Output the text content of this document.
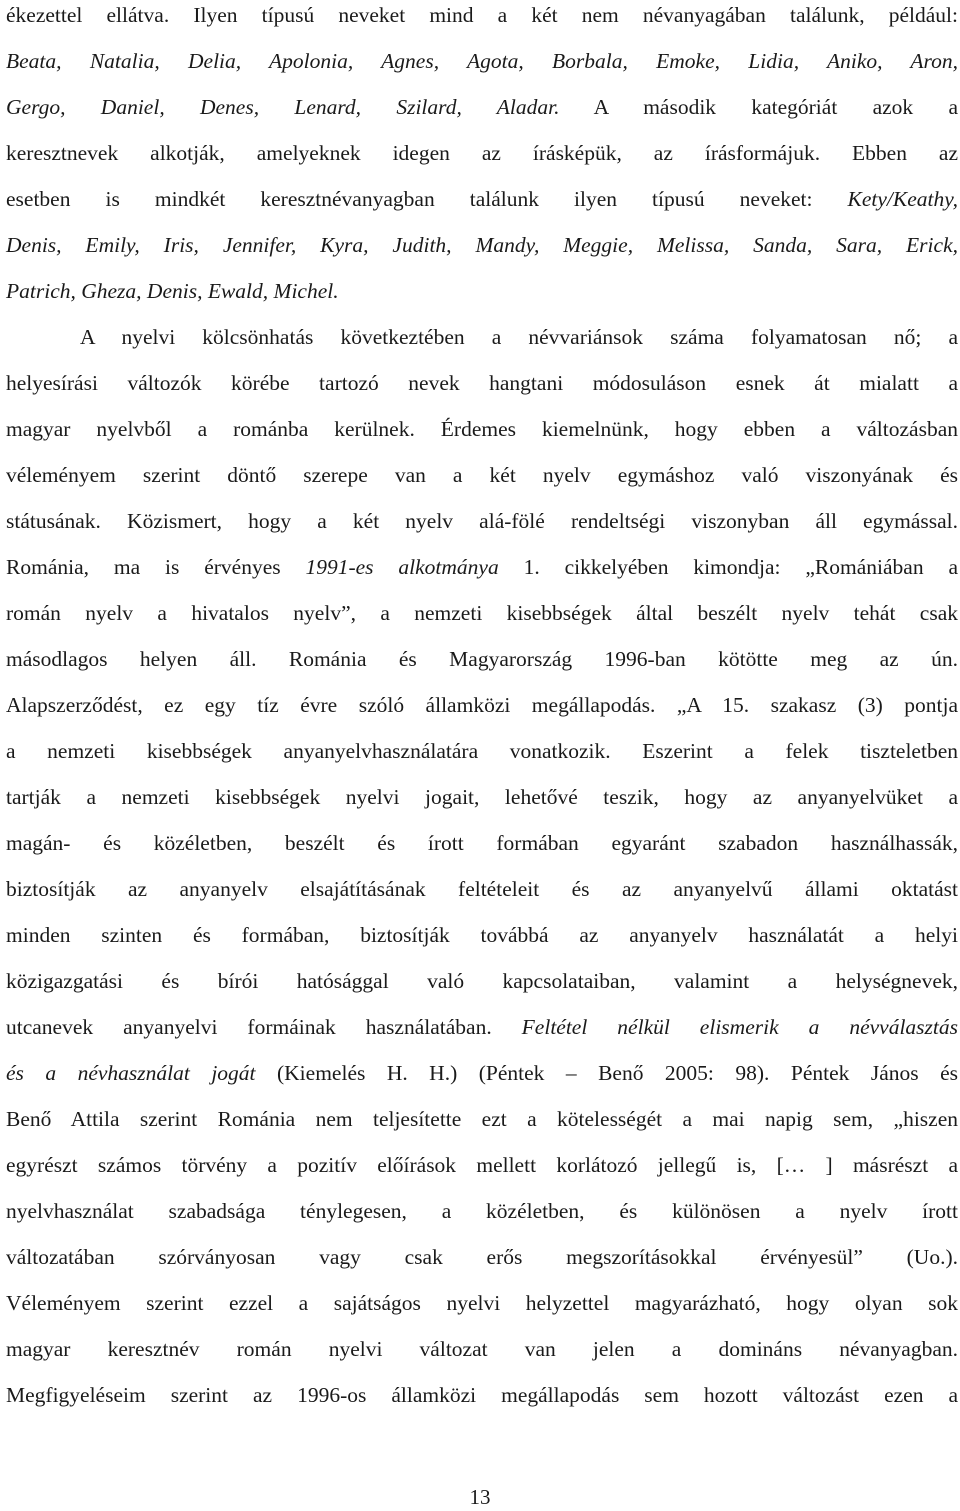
ékezettel ellátva. Ilyen típusú neveket mind a két nem névanyagában találunk, például:
Beata, Natalia, Delia, Apolonia, Agnes, Agota, Borbala, Emoke, Lidia, Aniko, Aron,
Gergo, Daniel, Denes, Lenard, Szilard, Aladar. A második kategóriát azok a
keresztnevek alkotják, amelyeknek idegen az írásképük, az írásformájuk. Ebben az
esetben is mindkét keresztnévanyagban találunk ilyen típusú neveket: Kety/Keathy,
Denis, Emily, Iris, Jennifer, Kyra, Judith, Mandy, Meggie, Melissa, Sanda, Sara, Erick,
Patrich, Gheza, Denis, Ewald, Michel.
A nyelvi kölcsönhatás következtében a névvariánsok száma folyamatosan nő; a
helyesírási változók körébe tartozó nevek hangtani módosuláson esnek át mialatt a
magyar nyelvből a románba kerülnek. Érdemes kiemelnünk, hogy ebben a változásban
véleményem szerint döntő szerepe van a két nyelv egymáshoz való viszonyának és
státusának. Közismert, hogy a két nyelv alá-fölé rendeltségi viszonyban áll egymással.
Románia, ma is érvényes 1991-es alkotmánya 1. cikkelyében kimondja: „Romániában a
román nyelv a hivatalos nyelv”, a nemzeti kisebbségek által beszélt nyelv tehát csak
másodlagos helyen áll. Románia és Magyarország 1996-ban kötötte meg az ún.
Alapszerződést, ez egy tíz évre szóló államközi megállapodás. „A 15. szakasz (3) pontja
a nemzeti kisebbségek anyanyelvhasználatára vonatkozik. Eszerint a felek tiszteletben
tartják a nemzeti kisebbségek nyelvi jogait, lehetővé teszik, hogy az anyanyelvüket a
magán- és közéletben, beszélt és írott formában egyaránt szabadon használhassák,
biztosítják az anyanyelv elsajátításának feltételeit és az anyanyelvű állami oktatást
minden szinten és formában, biztosítják továbbá az anyanyelv használatát a helyi
közigazgatási és bírói hatósággal való kapcsolataiban, valamint a helységnevek,
utcanevek anyanyelvi formáinak használatában. Feltétel nélkül elismerik a névválasztás
és a névhasználat jogát (Kiemelés H. H.) (Péntek – Benő 2005: 98). Péntek János és
Benő Attila szerint Románia nem teljesítette ezt a kötelességét a mai napig sem, „hiszen
egyrészt számos törvény a pozitív előírások mellett korlátozó jellegű is, [… ] másrészt a
nyelvhasználat szabadsága ténylegesen, a közéletben, és különösen a nyelv írott
változatában szórványosan vagy csak erős megszorításokkal érvényesül” (Uo.).
Véleményem szerint ezzel a sajátságos nyelvi helyzettel magyarázható, hogy olyan sok
magyar keresztnév román nyelvi változat van jelen a domináns névanyagban.
Megfigyeléseim szerint az 1996-os államközi megállapodás sem hozott változást ezen a
13
